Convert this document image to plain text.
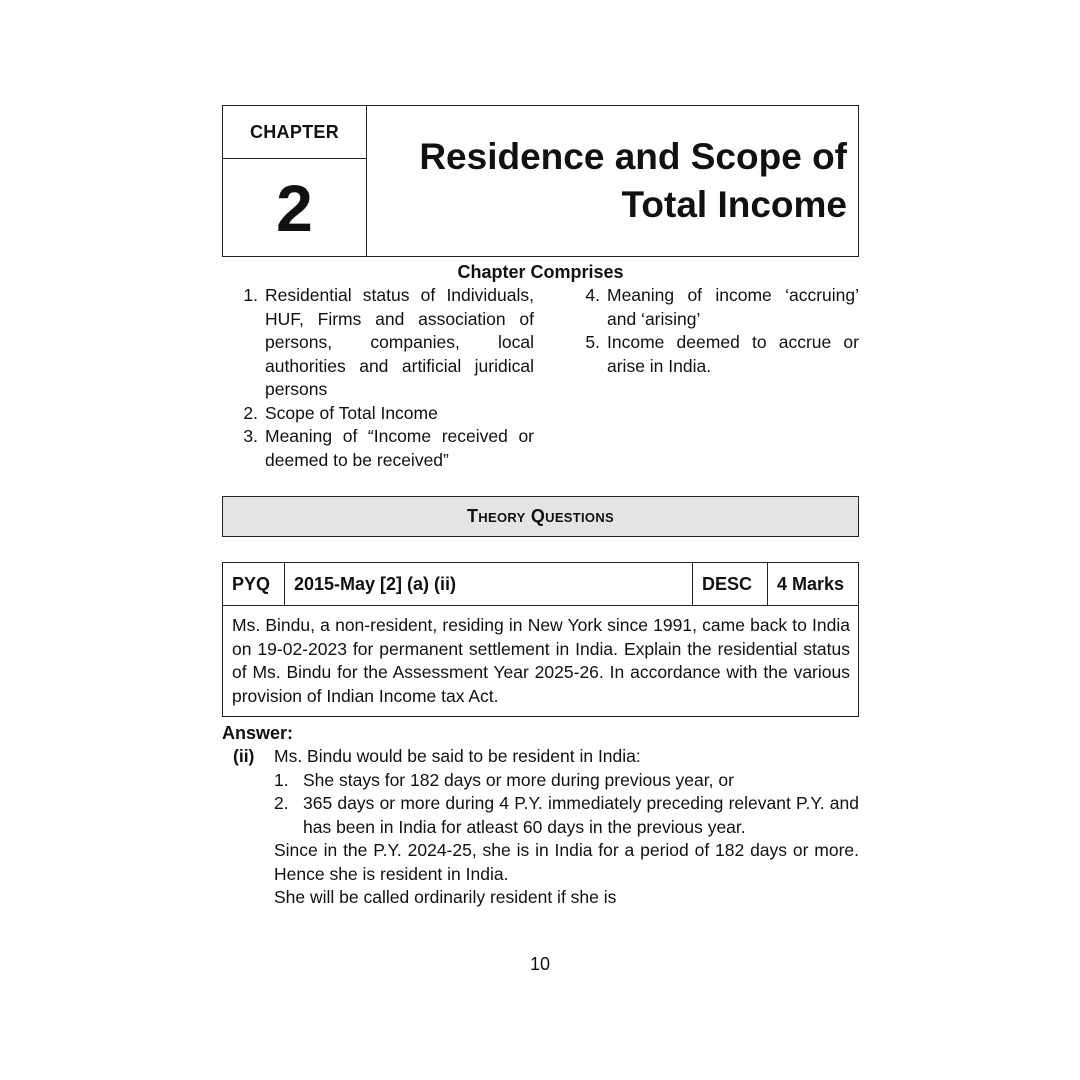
CHAPTER
2
Residence and Scope of
Total Income
Chapter Comprises
1. Residential status of Individuals, HUF, Firms and association of persons, companies, local authorities and artificial juridical persons
2. Scope of Total Income
3. Meaning of “Income received or deemed to be received”
4. Meaning of income ‘accruing’ and ‘arising’
5. Income deemed to accrue or arise in India.
Theory Questions
PYQ	2015-May [2] (a) (ii)	DESC	4 Marks
Ms. Bindu, a non-resident, residing in New York since 1991, came back to India on 19-02-2023 for permanent settlement in India. Explain the residential status of Ms. Bindu for the Assessment Year 2025-26. In accordance with the various provision of Indian Income tax Act.
Answer:
(ii)	Ms. Bindu would be said to be resident in India:
1. She stays for 182 days or more during previous year, or
2. 365 days or more during 4 P.Y. immediately preceding relevant P.Y. and has been in India for atleast 60 days in the previous year.
Since in the P.Y. 2024-25, she is in India for a period of 182 days or more. Hence she is resident in India.
She will be called ordinarily resident if she is
10
